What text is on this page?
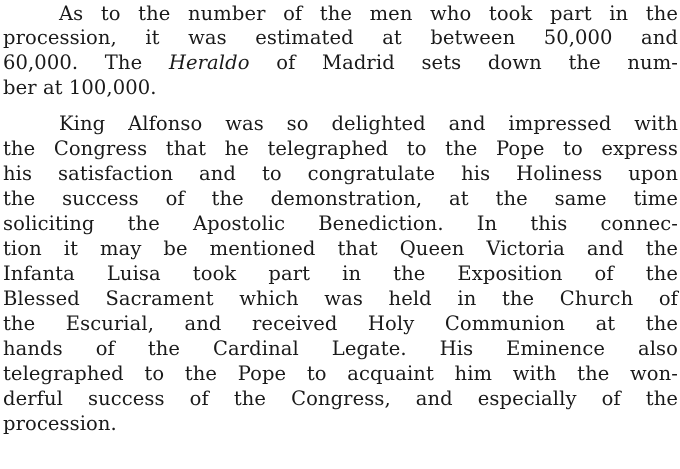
As to the number of the men who took part in the
procession, it was estimated at between 50,000 and
60,000. The Heraldo of Madrid sets down the num-
ber at 100,000.
King Alfonso was so delighted and impressed with
the Congress that he telegraphed to the Pope to express
his satisfaction and to congratulate his Holiness upon
the success of the demonstration, at the same time
soliciting the Apostolic Benediction. In this connec-
tion it may be mentioned that Queen Victoria and the
Infanta Luisa took part in the Exposition of the
Blessed Sacrament which was held in the Church of
the Escurial, and received Holy Communion at the
hands of the Cardinal Legate. His Eminence also
telegraphed to the Pope to acquaint him with the won-
derful success of the Congress, and especially of the
procession.
